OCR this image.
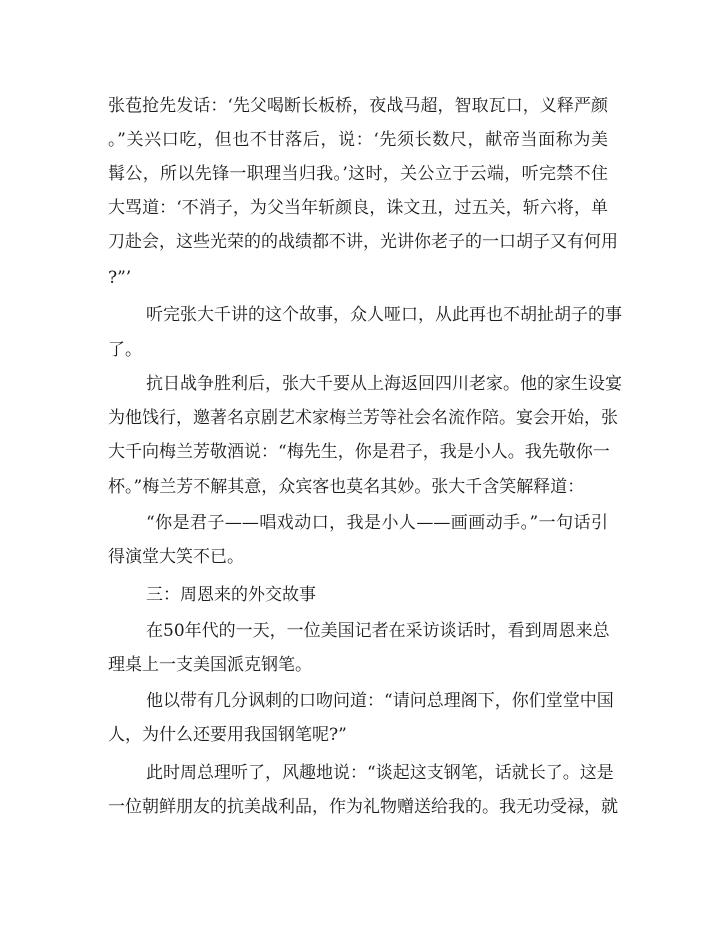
张苞抢先发话：‘先父喝断长板桥，夜战马超，智取瓦口，义释严颜
。”关兴口吃，但也不甘落后，说：‘先须长数尺，献帝当面称为美
髯公，所以先锋一职理当归我。’这时，关公立于云端，听完禁不住
大骂道：‘不消子，为父当年斩颜良，诛文丑，过五关，斩六将，单
刀赴会，这些光荣的的战绩都不讲，光讲你老子的一口胡子又有何用
?”’
听完张大千讲的这个故事，众人哑口，从此再也不胡扯胡子的事
了。
抗日战争胜利后，张大千要从上海返回四川老家。他的家生设宴
为他饯行，邀著名京剧艺术家梅兰芳等社会名流作陪。宴会开始，张
大千向梅兰芳敬酒说：“梅先生，你是君子，我是小人。我先敬你一
杯。”梅兰芳不解其意，众宾客也莫名其妙。张大千含笑解释道：
“你是君子——唱戏动口，我是小人——画画动手。”一句话引
得演堂大笑不已。
三：周恩来的外交故事
在50年代的一天，一位美国记者在采访谈话时，看到周恩来总
理桌上一支美国派克钢笔。
他以带有几分讽刺的口吻问道：“请问总理阁下，你们堂堂中国
人，为什么还要用我国钢笔呢?”
此时周总理听了，风趣地说：“谈起这支钢笔，话就长了。这是
一位朝鲜朋友的抗美战利品，作为礼物赠送给我的。我无功受禄，就
